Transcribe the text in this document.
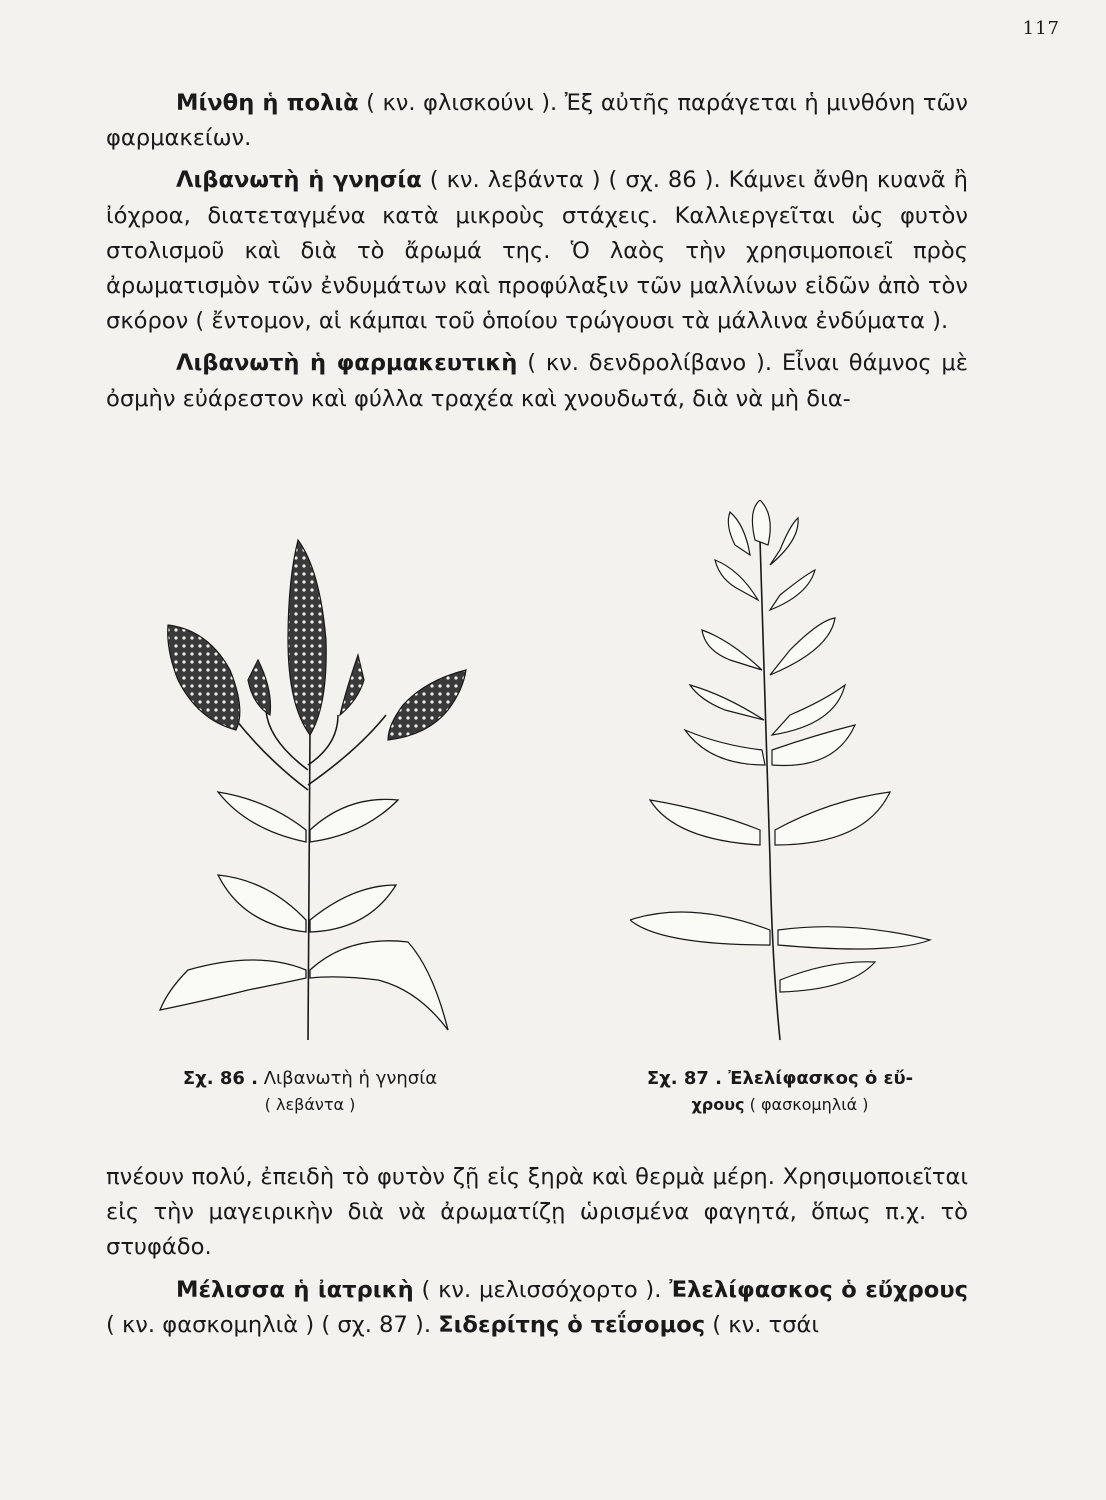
117

Μίνθη ἡ πολιὰ ( κν. φλισκούνι ). Ἐξ αὐτῆς παράγεται ἡ μινθόνη τῶν φαρμακείων.

Λιβανωτὴ ἡ γνησία ( κν. λεβάντα ) ( σχ. 86 ). Κάμνει ἄνθη κυανᾶ ἢ ἰόχροα, διατεταγμένα κατὰ μικροὺς στάχεις. Καλλιεργεῖται ὡς φυτὸν στολισμοῦ καὶ διὰ τὸ ἄρωμά της. Ὁ λαὸς τὴν χρησιμοποιεῖ πρὸς ἀρωματισμὸν τῶν ἐνδυμάτων καὶ προφύλαξιν τῶν μαλλίνων εἰδῶν ἀπὸ τὸν σκόρον ( ἔντομον, αἱ κάμπαι τοῦ ὁποίου τρώγουσι τὰ μάλλινα ἐνδύματα ).

Λιβανωτὴ ἡ φαρμακευτικὴ ( κν. δενδρολίβανο ). Εἶναι θάμνος μὲ ὀσμὴν εὐάρεστον καὶ φύλλα τραχέα καὶ χνουδωτά, διὰ νὰ μὴ δια-

Σχ. 86 . Λιβανωτὴ ἡ γνησία
( λεβάντα )
Σχ. 87 . Ἐλελίφασκος ὁ εὔ-
χρους ( φασκομηλιά )

πνέουν πολύ, ἐπειδὴ τὸ φυτὸν ζῇ εἰς ξηρὰ καὶ θερμὰ μέρη. Χρησιμοποιεῖται εἰς τὴν μαγειρικὴν διὰ νὰ ἀρωματίζῃ ὡρισμένα φαγητά, ὅπως π.χ. τὸ στυφάδο.

Μέλισσα ἡ ἰατρικὴ ( κν. μελισσόχορτο ). Ἐλελίφασκος ὁ εὔχρους ( κν. φασκομηλιὰ ) ( σχ. 87 ). Σιδερίτης ὁ τεΐσομος ( κν. τσάι
